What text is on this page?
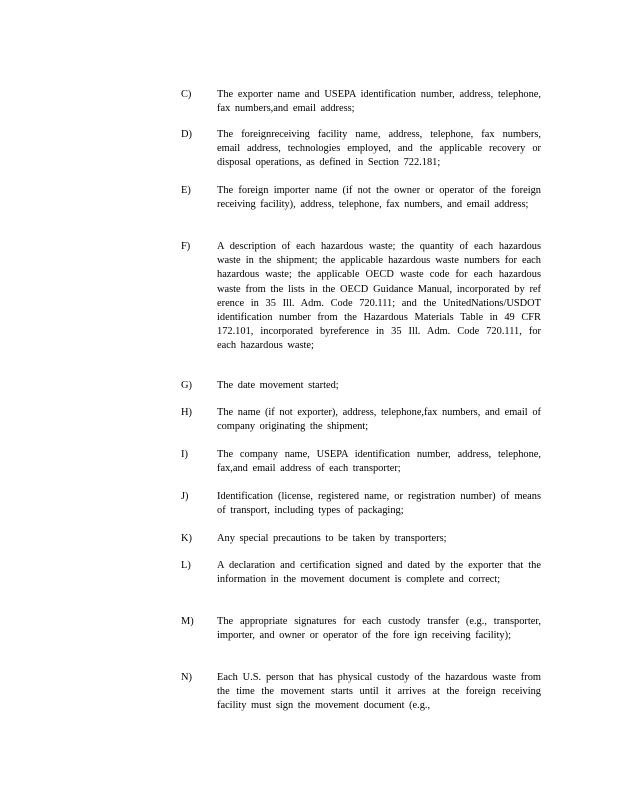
C)	The exporter name and USEPA identification number, address, telephone, fax numbers,and email address;
D)	The foreignreceiving facility name, address, telephone, fax numbers, email address, technologies employed, and the applicable recovery or disposal operations, as defined in Section 722.181;
E)	The foreign importer name (if not the owner or operator of the foreign receiving facility), address, telephone, fax numbers, and email address;
F)	A description of each hazardous waste; the quantity of each hazardous waste in the shipment; the applicable hazardous waste numbers for each hazardous waste; the applicable OECD waste code for each hazardous waste from the lists in the OECD Guidance Manual, incorporated by ref erence in 35 Ill. Adm. Code 720.111; and the UnitedNations/USDOT identification number from the Hazardous Materials Table in 49 CFR 172.101, incorporated byreference in 35 Ill. Adm. Code 720.111, for each hazardous waste;
G)	The date movement started;
H)	The name (if not exporter), address, telephone,fax numbers, and email of company originating the shipment;
I)	The company name, USEPA identification number, address, telephone, fax,and email address of each transporter;
J)	Identification (license, registered name, or registration number) of means of transport, including types of packaging;
K)	Any special precautions to be taken by transporters;
L)	A declaration and certification signed and dated by the exporter that the information in the movement document is complete and correct;
M)	The appropriate signatures for each custody transfer (e.g., transporter, importer, and owner or operator of the fore ign receiving facility);
N)	Each U.S. person that has physical custody of the hazardous waste from the time the movement starts until it arrives at the foreign receiving facility must sign the movement document (e.g.,
